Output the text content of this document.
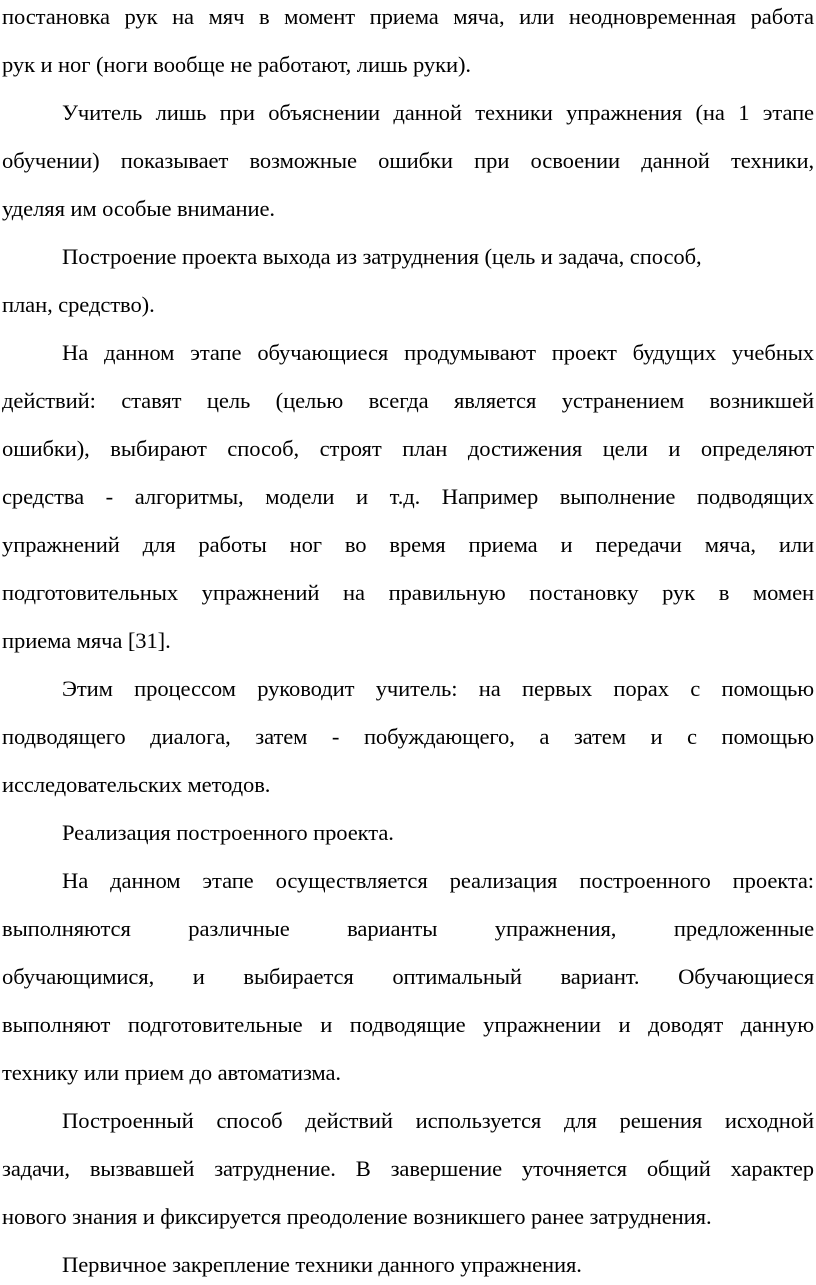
постановка рук на мяч в момент приема мяча, или неодновременная работа
рук и ног (ноги вообще не работают, лишь руки).
Учитель лишь при объяснении данной техники упражнения (на 1 этапе
обучении) показывает возможные ошибки при освоении данной техники,
уделяя им особые внимание.
Построение проекта выхода из затруднения (цель и задача, способ,
план, средство).
На данном этапе обучающиеся продумывают проект будущих учебных
действий: ставят цель (целью всегда является устранением возникшей
ошибки), выбирают способ, строят план достижения цели и определяют
средства - алгоритмы, модели и т.д. Например выполнение подводящих
упражнений для работы ног во время приема и передачи мяча, или
подготовительных упражнений на правильную постановку рук в момен
приема мяча [31].
Этим процессом руководит учитель: на первых порах с помощью
подводящего диалога, затем - побуждающего, а затем и с помощью
исследовательских методов.
Реализация построенного проекта.
На данном этапе осуществляется реализация построенного проекта:
выполняются различные варианты упражнения, предложенные
обучающимися, и выбирается оптимальный вариант. Обучающиеся
выполняют подготовительные и подводящие упражнении и доводят данную
технику или прием до автоматизма.
Построенный способ действий используется для решения исходной
задачи, вызвавшей затруднение. В завершение уточняется общий характер
нового знания и фиксируется преодоление возникшего ранее затруднения.
Первичное закрепление техники данного упражнения.
